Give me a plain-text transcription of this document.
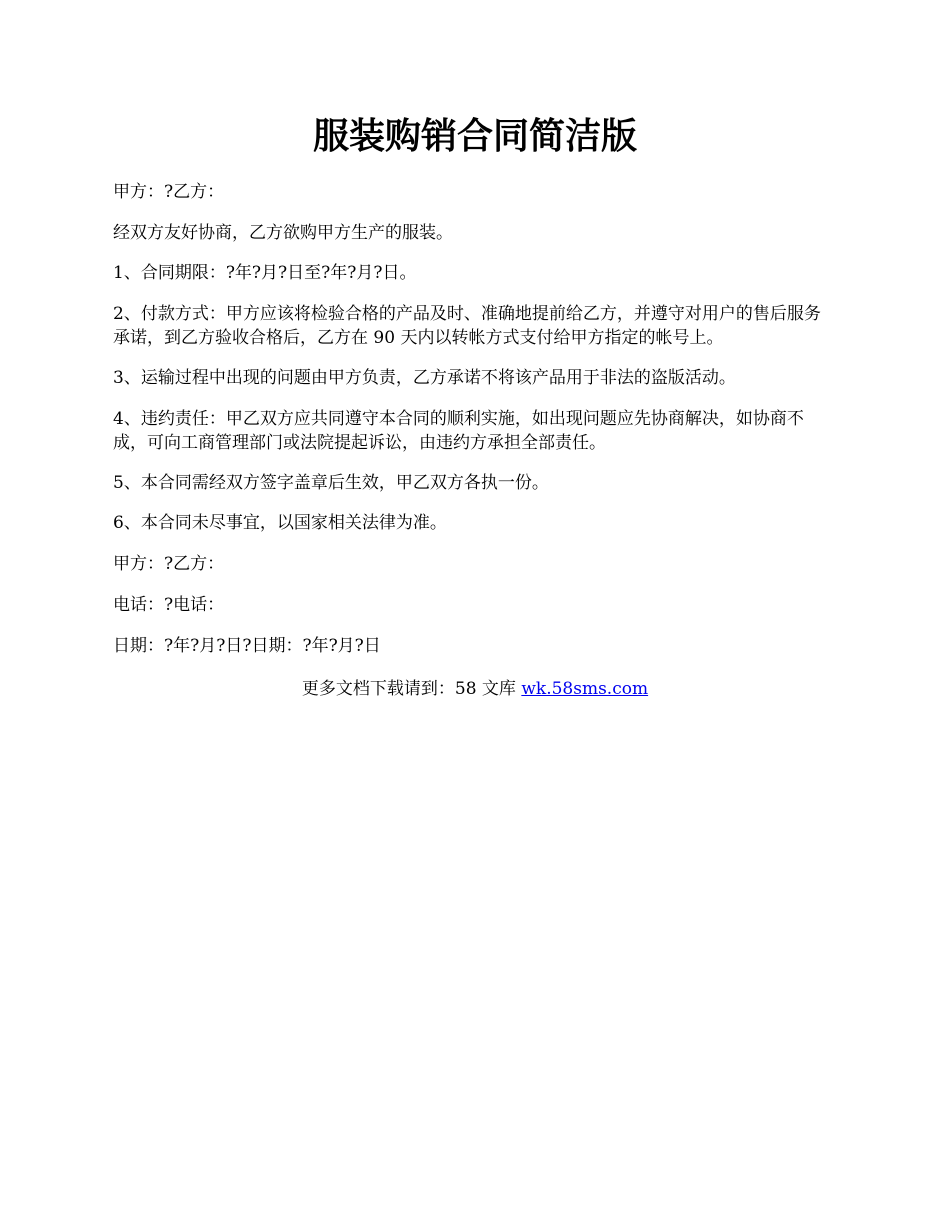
服装购销合同简洁版

甲方：?乙方：

经双方友好协商，乙方欲购甲方生产的服装。

1、合同期限：?年?月?日至?年?月?日。

2、付款方式：甲方应该将检验合格的产品及时、准确地提前给乙方，并遵守对用户的售后服务承诺，到乙方验收合格后，乙方在 90 天内以转帐方式支付给甲方指定的帐号上。

3、运输过程中出现的问题由甲方负责，乙方承诺不将该产品用于非法的盗版活动。

4、违约责任：甲乙双方应共同遵守本合同的顺利实施，如出现问题应先协商解决，如协商不成，可向工商管理部门或法院提起诉讼，由违约方承担全部责任。

5、本合同需经双方签字盖章后生效，甲乙双方各执一份。

6、本合同未尽事宜，以国家相关法律为准。

甲方：?乙方：

电话：?电话：

日期：?年?月?日?日期：?年?月?日

更多文档下载请到：58 文库 wk.58sms.com
